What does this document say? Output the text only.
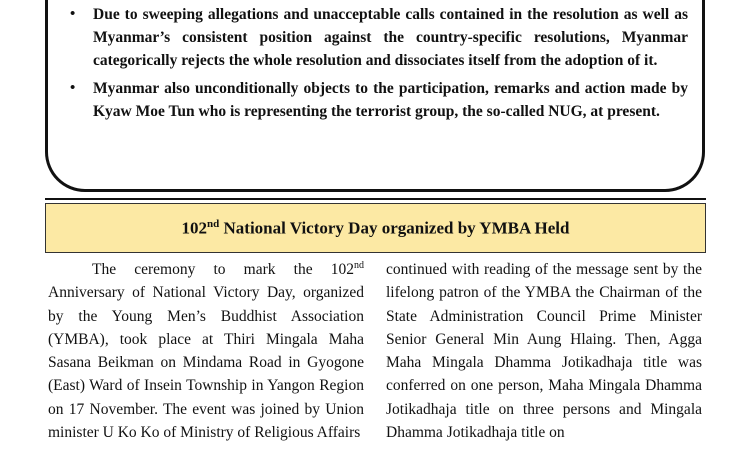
• Due to sweeping allegations and unacceptable calls contained in the resolution as well as Myanmar’s consistent position against the country-specific resolutions, Myanmar categorically rejects the whole resolution and dissociates itself from the adoption of it.
• Myanmar also unconditionally objects to the participation, remarks and action made by Kyaw Moe Tun who is representing the terrorist group, the so-called NUG, at present.
102nd National Victory Day organized by YMBA Held

The ceremony to mark the 102nd Anniversary of National Victory Day, organized by the Young Men’s Buddhist Association (YMBA), took place at Thiri Mingala Maha Sasana Beikman on Mindama Road in Gyogone (East) Ward of Insein Township in Yangon Region on 17 November. The event was joined by Union minister U Ko Ko of Ministry of Religious Affairs

continued with reading of the message sent by the lifelong patron of the YMBA the Chairman of the State Administration Council Prime Minister Senior General Min Aung Hlaing. Then, Agga Maha Mingala Dhamma Jotikadhaja title was conferred on one person, Maha Mingala Dhamma Jotikadhaja title on three persons and Mingala Dhamma Jotikadhaja title on
